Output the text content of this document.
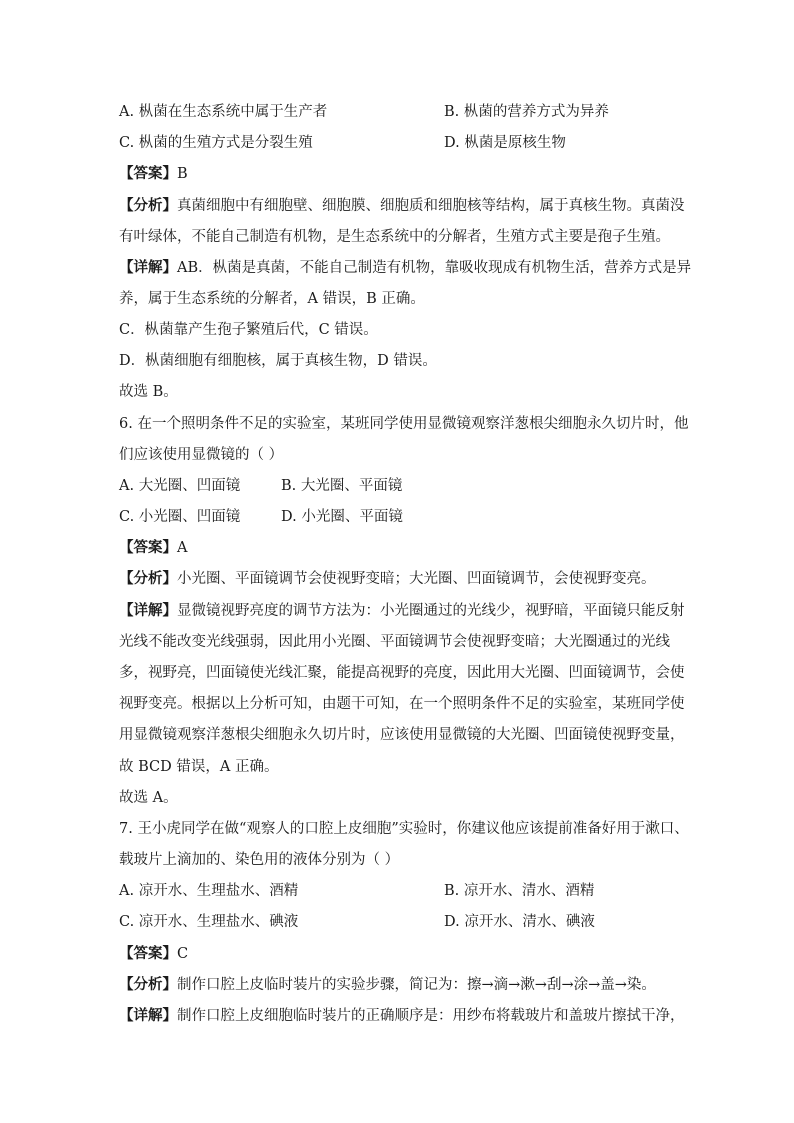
A. 枞菌在生态系统中属于生产者	B. 枞菌的营养方式为异养
C. 枞菌的生殖方式是分裂生殖	D. 枞菌是原核生物
【答案】B
【分析】真菌细胞中有细胞壁、细胞膜、细胞质和细胞核等结构，属于真核生物。真菌没
有叶绿体，不能自己制造有机物，是生态系统中的分解者，生殖方式主要是孢子生殖。
【详解】AB．枞菌是真菌，不能自己制造有机物，靠吸收现成有机物生活，营养方式是异
养，属于生态系统的分解者，A 错误，B 正确。
C．枞菌靠产生孢子繁殖后代，C 错误。
D．枞菌细胞有细胞核，属于真核生物，D 错误。
故选 B。
6. 在一个照明条件不足的实验室，某班同学使用显微镜观察洋葱根尖细胞永久切片时，他
们应该使用显微镜的（ ）
A. 大光圈、凹面镜	B. 大光圈、平面镜
C. 小光圈、凹面镜	D. 小光圈、平面镜
【答案】A
【分析】小光圈、平面镜调节会使视野变暗；大光圈、凹面镜调节，会使视野变亮。
【详解】显微镜视野亮度的调节方法为：小光圈通过的光线少，视野暗，平面镜只能反射
光线不能改变光线强弱，因此用小光圈、平面镜调节会使视野变暗；大光圈通过的光线
多，视野亮，凹面镜使光线汇聚，能提高视野的亮度，因此用大光圈、凹面镜调节，会使
视野变亮。根据以上分析可知，由题干可知，在一个照明条件不足的实验室，某班同学使
用显微镜观察洋葱根尖细胞永久切片时，应该使用显微镜的大光圈、凹面镜使视野变量，
故 BCD 错误，A 正确。
故选 A。
7. 王小虎同学在做“观察人的口腔上皮细胞”实验时，你建议他应该提前准备好用于漱口、
载玻片上滴加的、染色用的液体分别为（ ）
A. 凉开水、生理盐水、酒精	B. 凉开水、清水、酒精
C. 凉开水、生理盐水、碘液	D. 凉开水、清水、碘液
【答案】C
【分析】制作口腔上皮临时装片的实验步骤，简记为：擦→滴→漱→刮→涂→盖→染。
【详解】制作口腔上皮细胞临时装片的正确顺序是：用纱布将载玻片和盖玻片擦拭干净，
